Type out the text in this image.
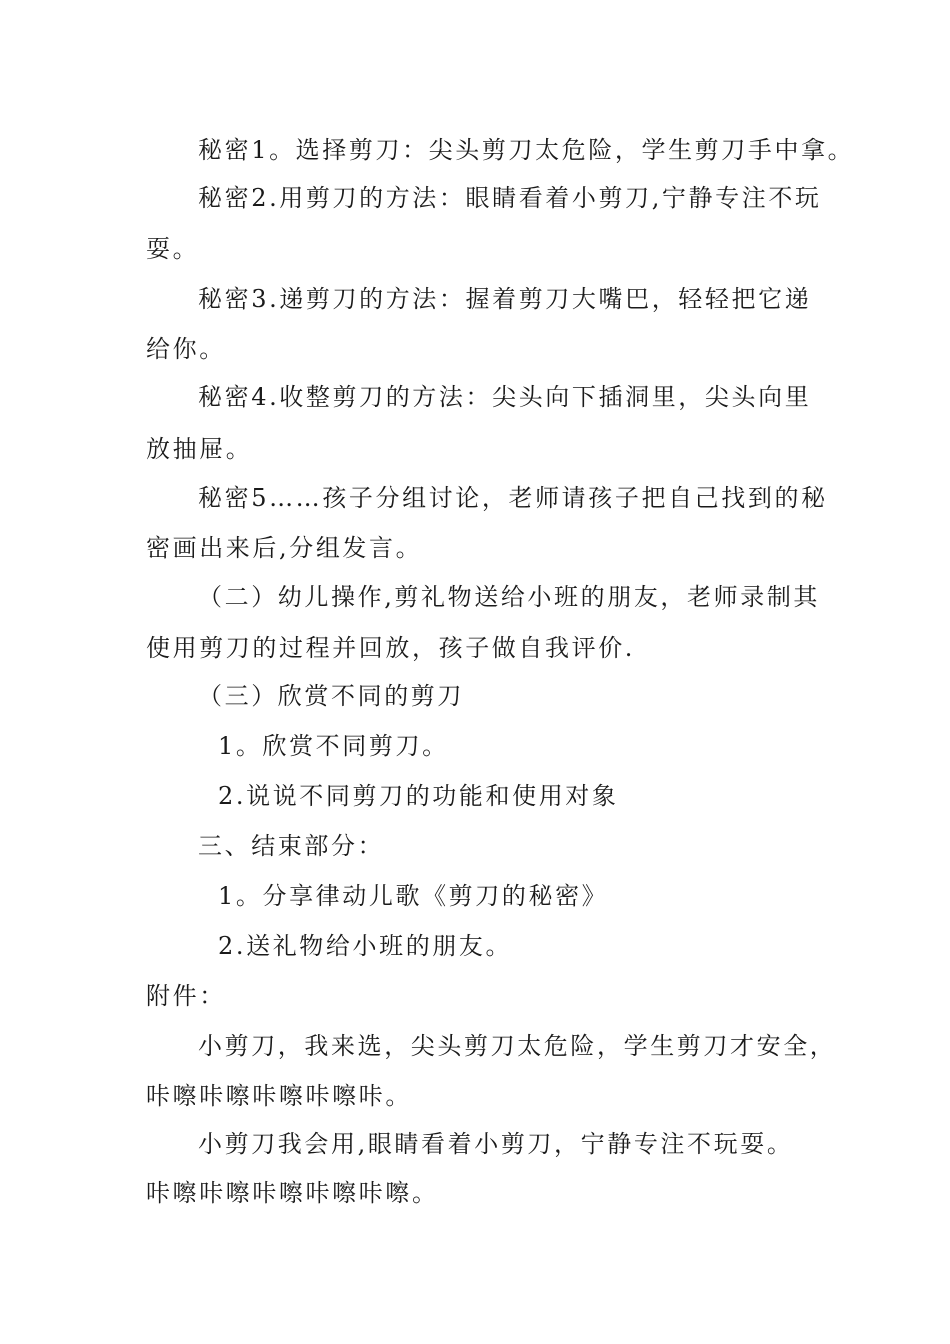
秘密1。选择剪刀：尖头剪刀太危险，学生剪刀手中拿。
秘密2.用剪刀的方法：眼睛看着小剪刀,宁静专注不玩
耍。
秘密3.递剪刀的方法：握着剪刀大嘴巴，轻轻把它递
给你。
秘密4.收整剪刀的方法：尖头向下插洞里，尖头向里
放抽屉。
秘密5……孩子分组讨论，老师请孩子把自己找到的秘
密画出来后,分组发言。
（二）幼儿操作,剪礼物送给小班的朋友，老师录制其
使用剪刀的过程并回放，孩子做自我评价.
（三）欣赏不同的剪刀
1。欣赏不同剪刀。
2.说说不同剪刀的功能和使用对象
三、结束部分：
1。分享律动儿歌《剪刀的秘密》
2.送礼物给小班的朋友。
附件：
小剪刀，我来选，尖头剪刀太危险，学生剪刀才安全，
咔嚓咔嚓咔嚓咔嚓咔。
小剪刀我会用,眼睛看着小剪刀，宁静专注不玩耍。
咔嚓咔嚓咔嚓咔嚓咔嚓。
